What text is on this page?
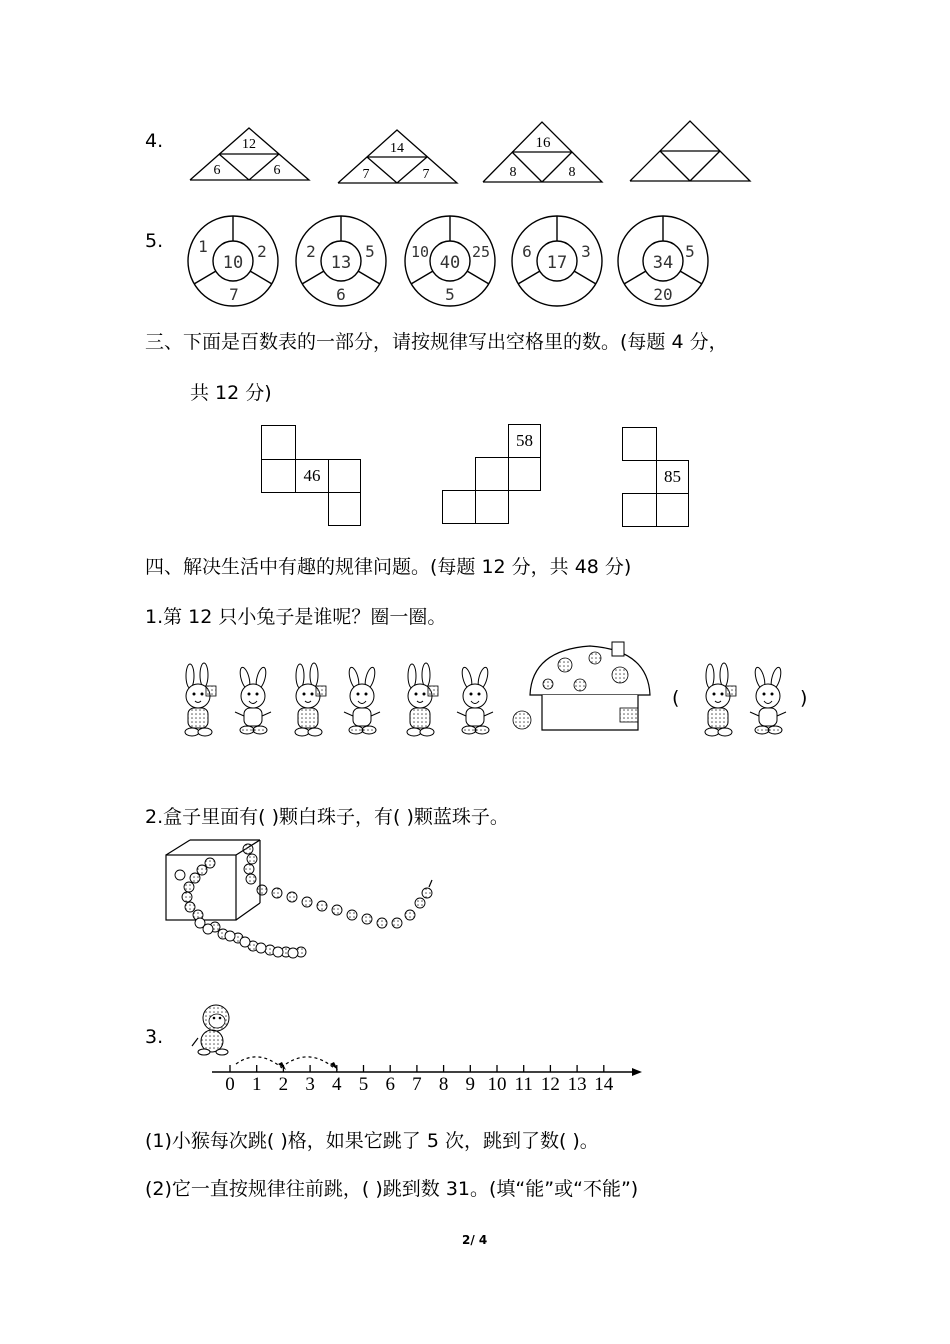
4.	12
6	6
14
7	7
16
8	8
5.
10
1	2
7
13
2	5
6
40
10	25
5
17
6	3
34
5
20
三、下面是百数表的一部分，请按规律写出空格里的数。(每题 4 分，
共 12 分)
46
58
85
四、解决生活中有趣的规律问题。(每题 12 分，共 48 分)
1.第 12 只小兔子是谁呢？圈一圈。
(	)
2.盒子里面有( )颗白珠子，有( )颗蓝珠子。
3.
0 1 2 3 4 5 6 7 8 9 10 11 12 13 14
(1)小猴每次跳( )格，如果它跳了 5 次，跳到了数( )。
(2)它一直按规律往前跳，( )跳到数 31。(填“能”或“不能”)
2/ 4
